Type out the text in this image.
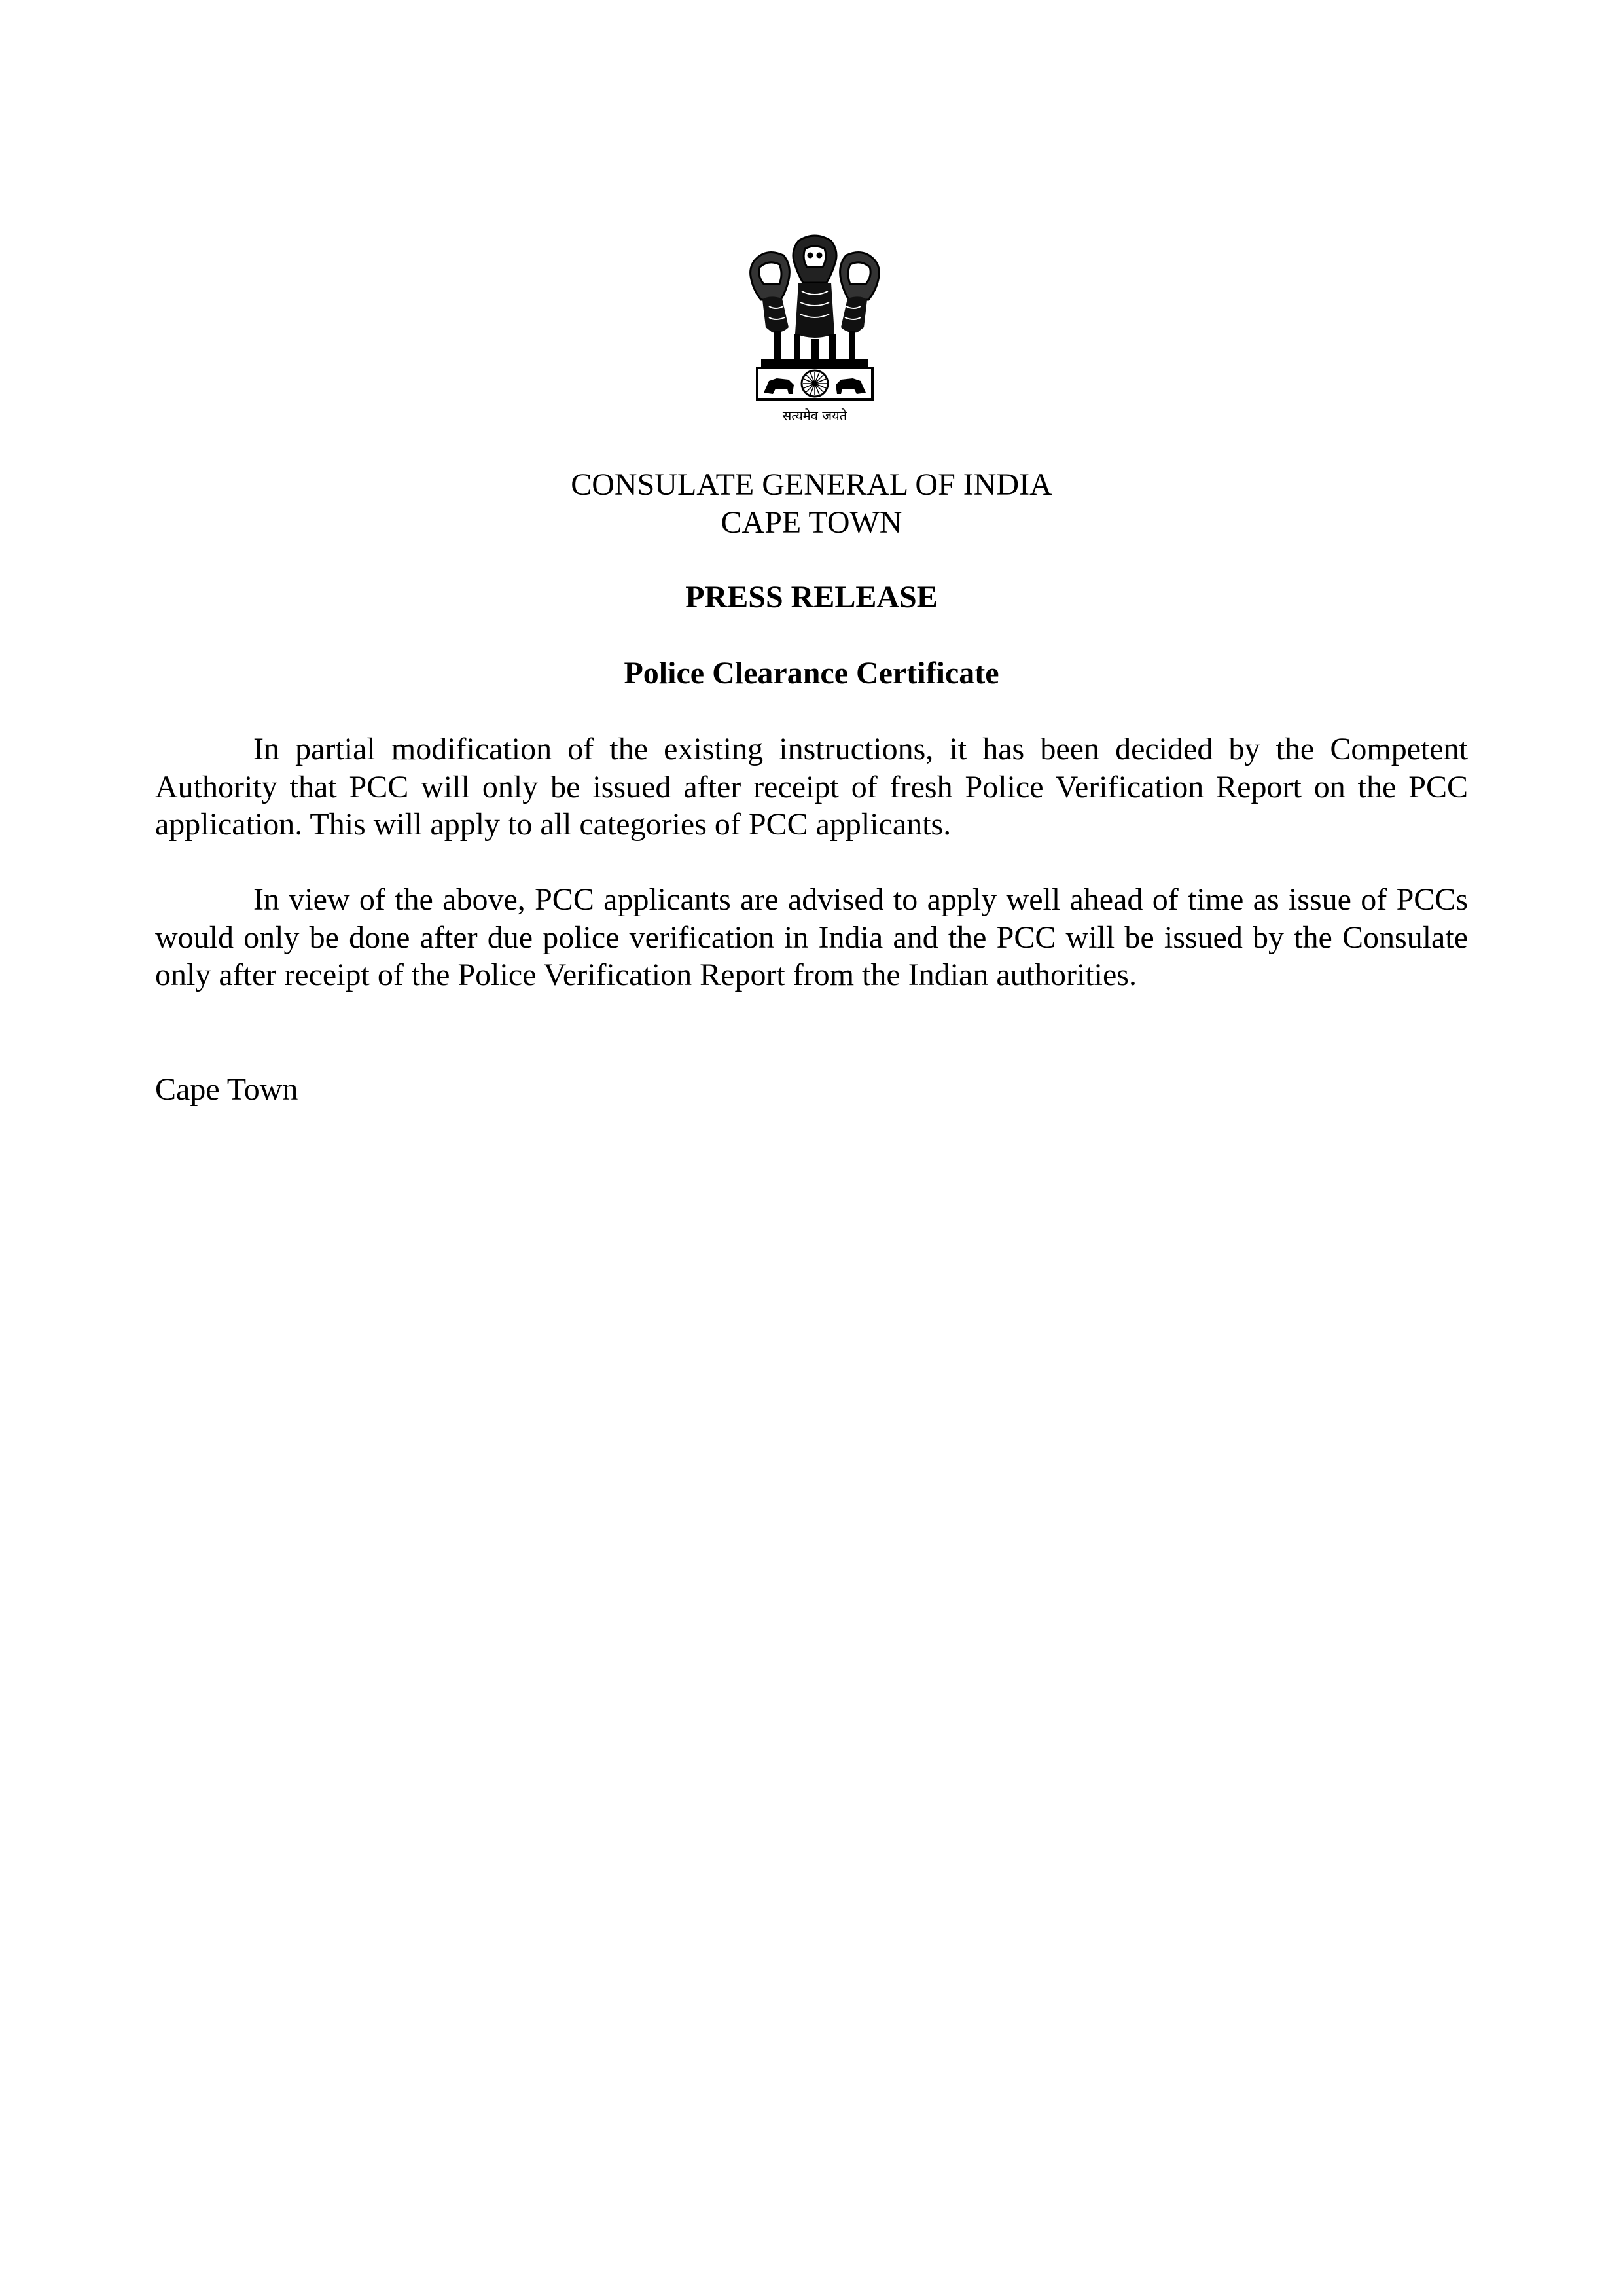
सत्यमेव जयते
CONSULATE GENERAL OF INDIA
CAPE TOWN
PRESS RELEASE
Police Clearance Certificate

In partial modification of the existing instructions, it has been decided by the Competent Authority that PCC will only be issued after receipt of fresh Police Verification Report on the PCC application. This will apply to all categories of PCC applicants.

In view of the above, PCC applicants are advised to apply well ahead of time as issue of PCCs would only be done after due police verification in India and the PCC will be issued by the Consulate only after receipt of the Police Verification Report from the Indian authorities.

Cape Town
